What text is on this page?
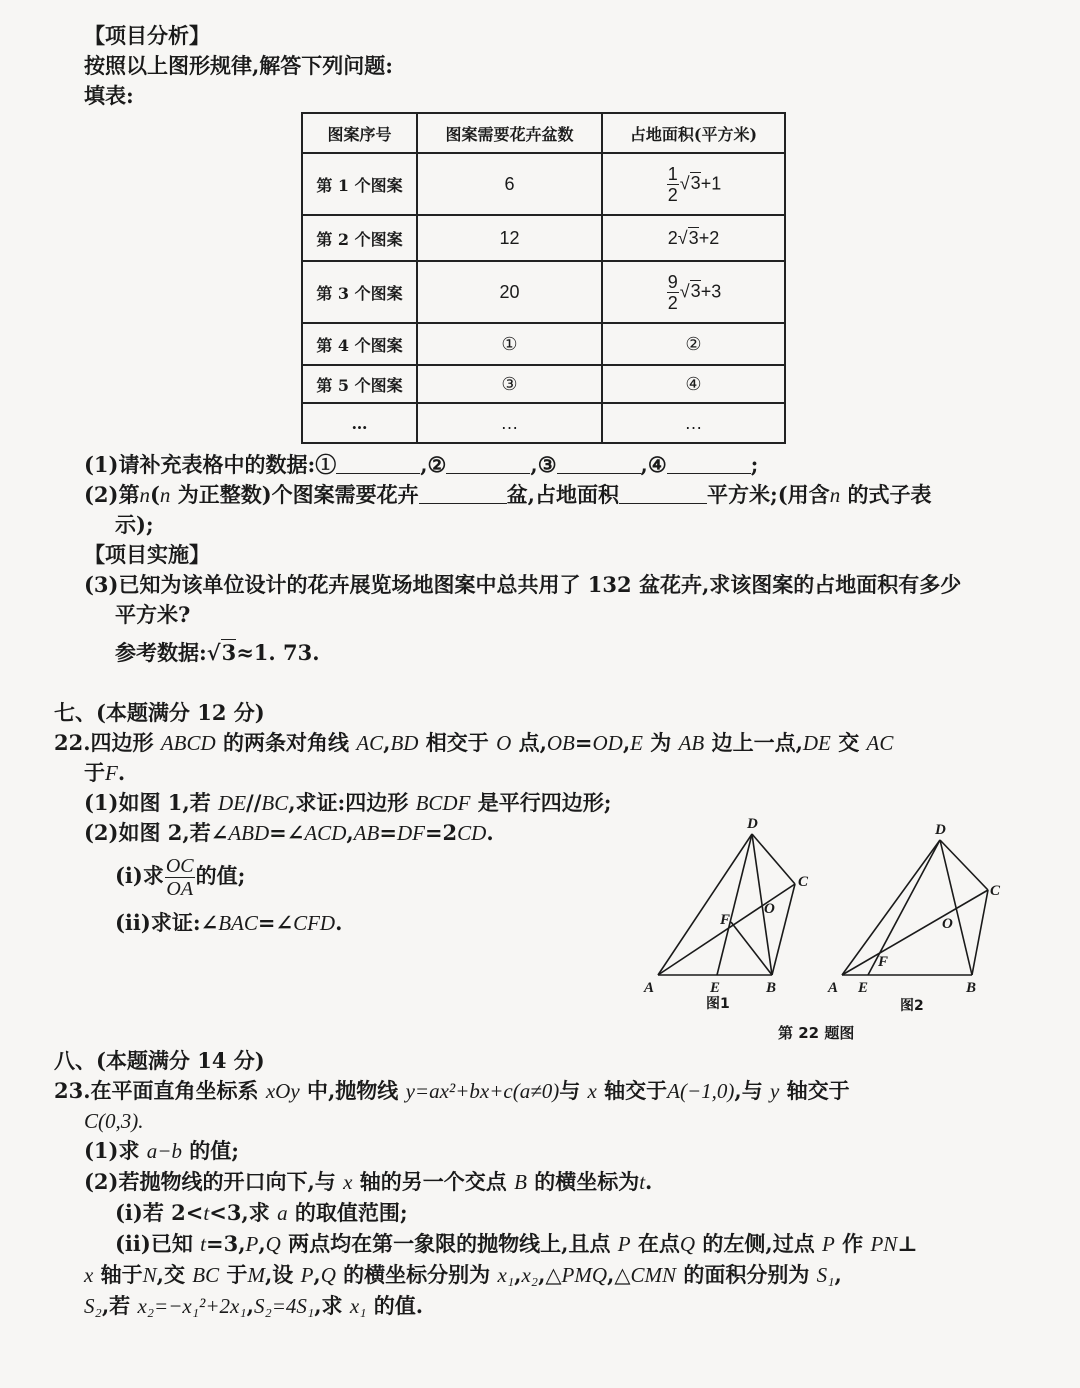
【项目分析】
按照以上图形规律,解答下列问题:
填表:
图案序号	图案需要花卉盆数	占地面积(平方米)
第 1 个图案	6	$\frac{1}{2} √3+1$
第 2 个图案	12	2√3+2
第 3 个图案	20	$\frac{9}{2} √3+3$
第 4 个图案	①	②
第 5 个图案	③	④
…	…	…
(1)请补充表格中的数据:①	,②	,③	,④	;
(2)第n(n 为正整数)个图案需要花卉	盆,占地面积	平方米;(用含n 的式子表
示);
【项目实施】
(3)已知为该单位设计的花卉展览场地图案中总共用了 132 盆花卉,求该图案的占地面积有多少
平方米?
参考数据:√3≈1. 73.
七、(本题满分 12 分)
22.四边形 ABCD 的两条对角线 AC,BD 相交于 O 点,OB=OD,E 为 AB 边上一点,DE 交 AC
于F.
(1)如图 1,若 DE//BC,求证:四边形 BCDF 是平行四边形;
(2)如图 2,若∠ABD=∠ACD,AB=DF=2CD.
(ⅰ)求 $\frac{OC}{OA}$ 的值;
(ⅱ)求证:∠BAC=∠CFD.
A	B
C
D
E
F
O
图1
A	B
C
D
E
F
O
图2
第 22 题图
八、(本题满分 14 分)
23.在平面直角坐标系 xOy 中,抛物线 y=ax²+bx+c(a≠0)与 x 轴交于A(−1,0),与 y 轴交于
C(0,3).
(1)求 a−b 的值;
(2)若抛物线的开口向下,与 x 轴的另一个交点 B 的横坐标为t.
(ⅰ)若 2<t<3,求 a 的取值范围;
(ⅱ)已知 t=3,P,Q 两点均在第一象限的抛物线上,且点 P 在点Q 的左侧,过点 P 作 PN⊥
x 轴于N,交 BC 于M,设 P,Q 的横坐标分别为 x₁,x₂,△PMQ,△CMN 的面积分别为 S₁,
S₂,若 x₂=−x₁²+2x₁,S₂=4S₁,求 x₁ 的值.
